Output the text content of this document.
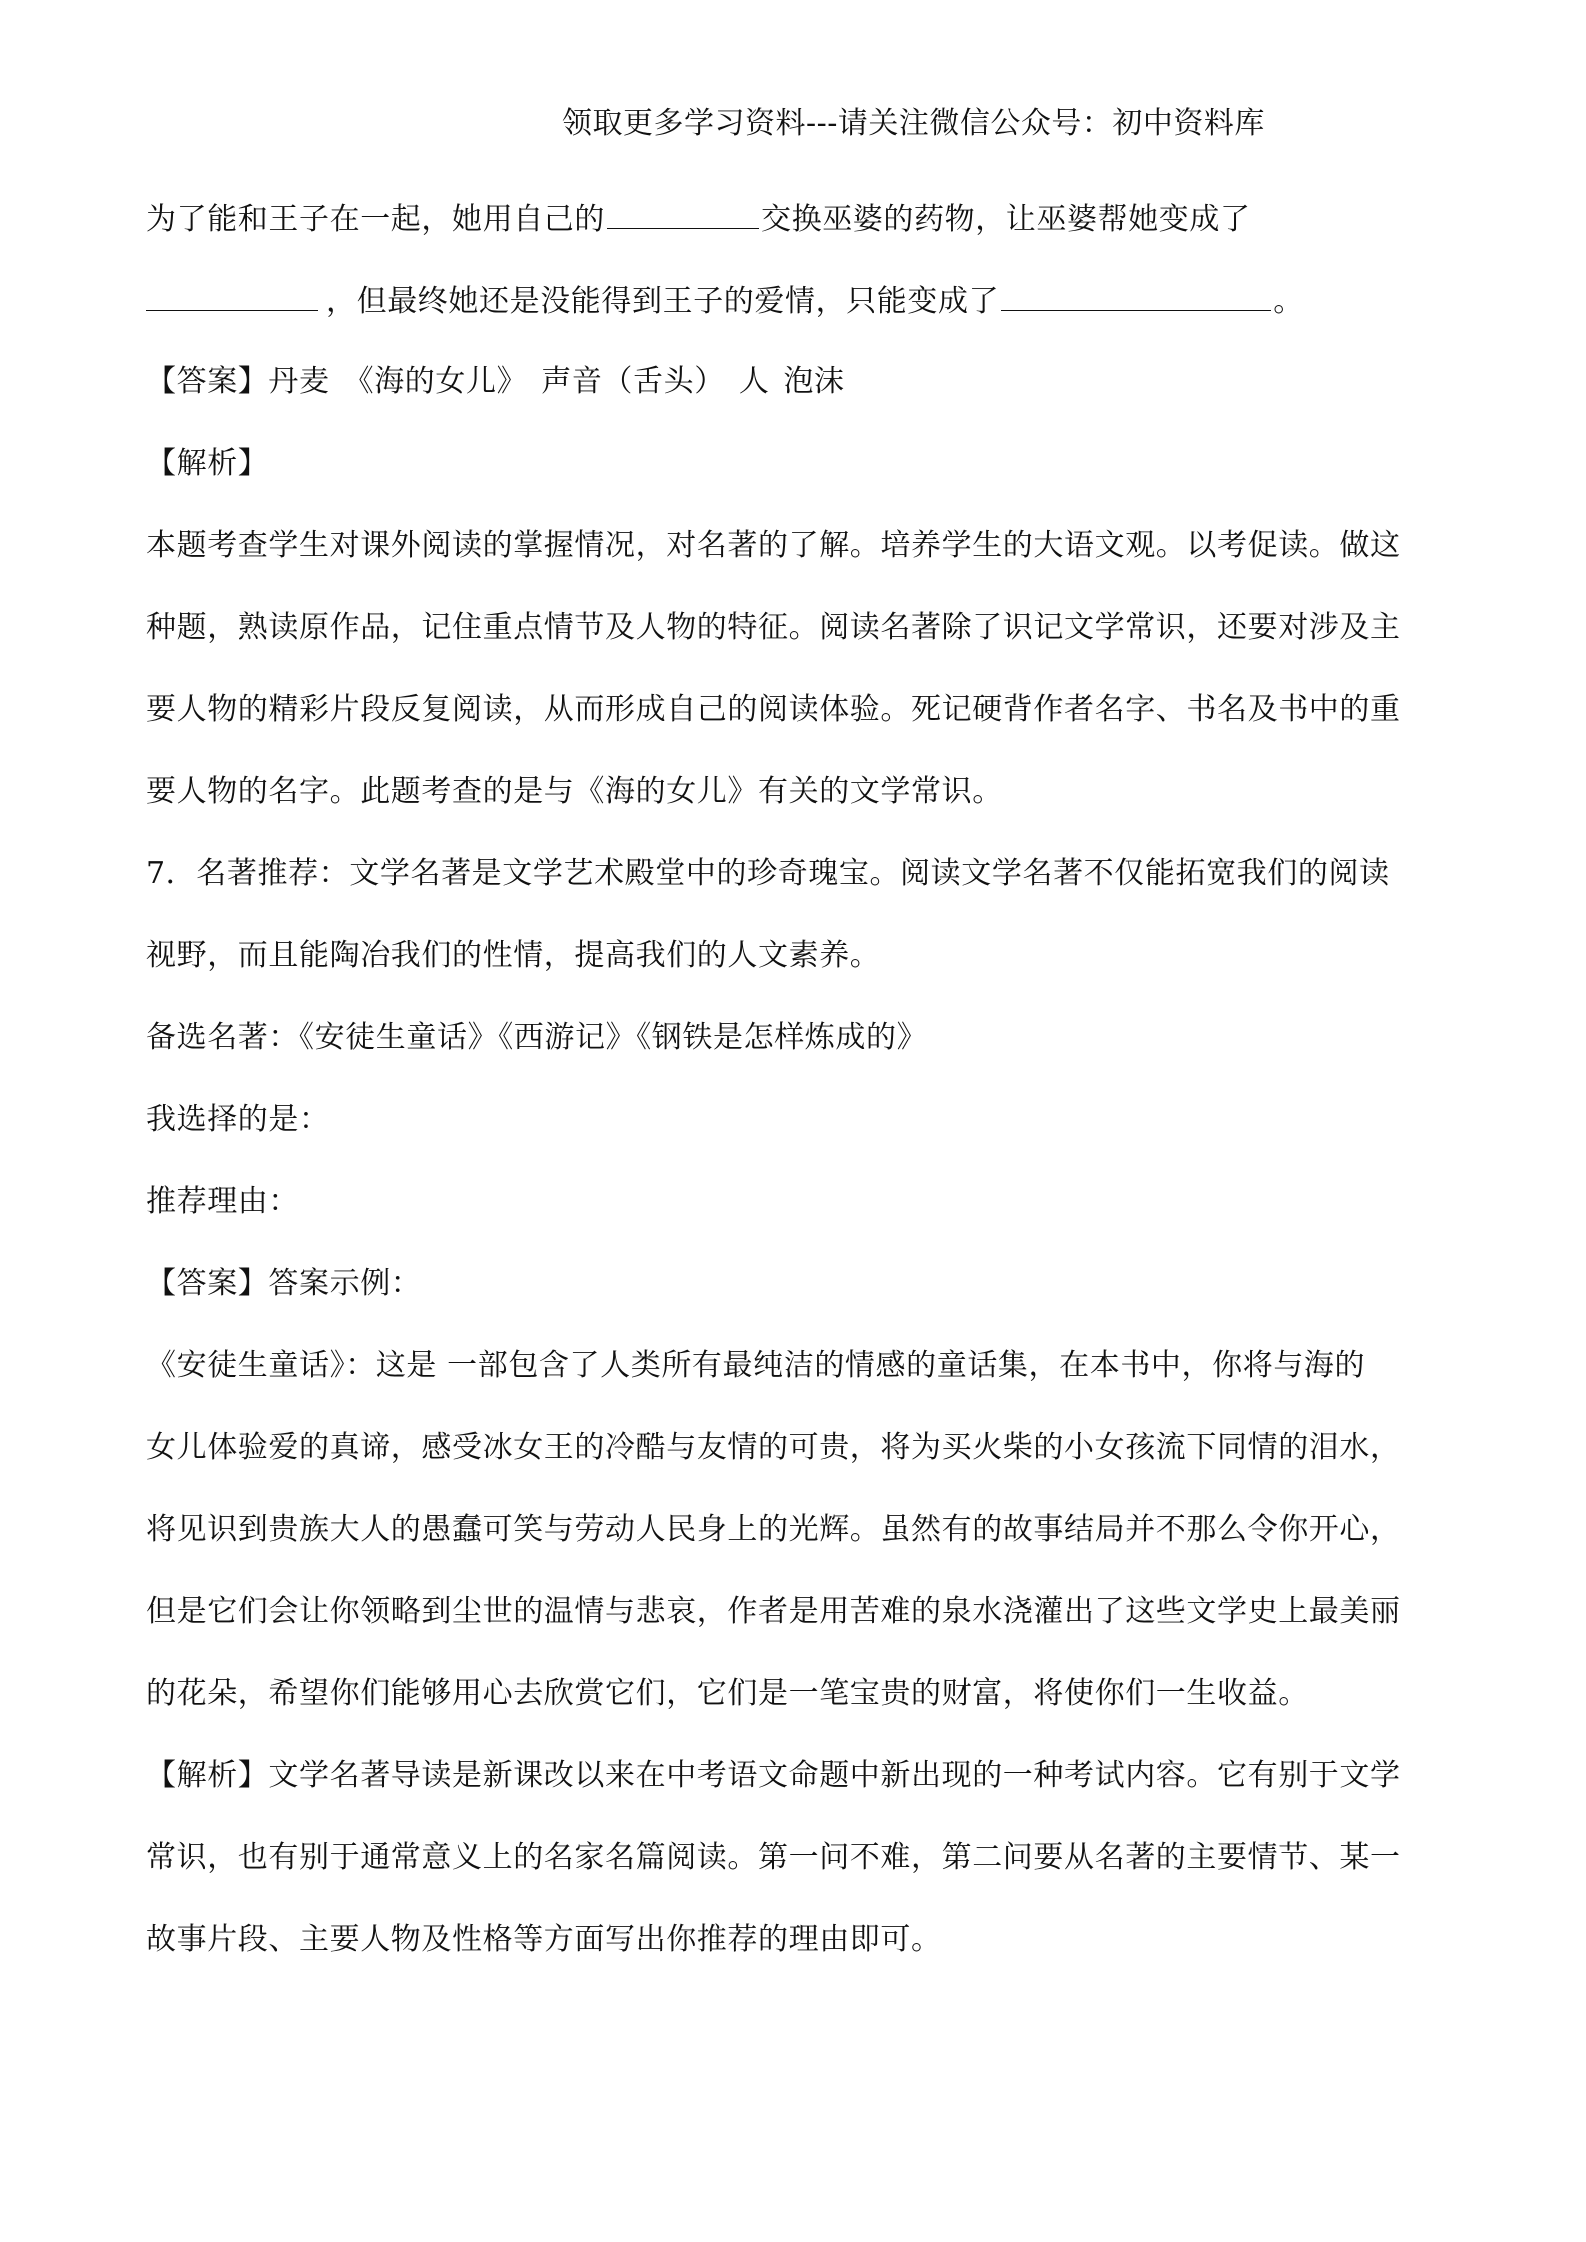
领取更多学习资料---请关注微信公众号：初中资料库
为了能和王子在一起，她用自己的	交换巫婆的药物，让巫婆帮她变成了
，但最终她还是没能得到王子的爱情，只能变成了	。
【答案】丹麦 《海的女儿》 声音（舌头） 人 泡沫
【解析】
本题考查学生对课外阅读的掌握情况，对名著的了解。培养学生的大语文观。以考促读。做这
种题，熟读原作品，记住重点情节及人物的特征。阅读名著除了识记文学常识，还要对涉及主
要人物的精彩片段反复阅读，从而形成自己的阅读体验。死记硬背作者名字、书名及书中的重
要人物的名字。此题考查的是与《海的女儿》有关的文学常识。
7．名著推荐：文学名著是文学艺术殿堂中的珍奇瑰宝。阅读文学名著不仅能拓宽我们的阅读
视野，而且能陶冶我们的性情，提高我们的人文素养。
备选名著：《安徒生童话》《西游记》《钢铁是怎样炼成的》
我选择的是：
推荐理由：
【答案】答案示例：
《安徒生童话》：这是 一部包含了人类所有最纯洁的情感的童话集，在本书中，你将与海的
女儿体验爱的真谛，感受冰女王的冷酷与友情的可贵，将为买火柴的小女孩流下同情的泪水，
将见识到贵族大人的愚蠢可笑与劳动人民身上的光辉。虽然有的故事结局并不那么令你开心，
但是它们会让你领略到尘世的温情与悲哀，作者是用苦难的泉水浇灌出了这些文学史上最美丽
的花朵，希望你们能够用心去欣赏它们，它们是一笔宝贵的财富，将使你们一生收益。
【解析】文学名著导读是新课改以来在中考语文命题中新出现的一种考试内容。它有别于文学
常识，也有别于通常意义上的名家名篇阅读。第一问不难，第二问要从名著的主要情节、某一
故事片段、主要人物及性格等方面写出你推荐的理由即可。
